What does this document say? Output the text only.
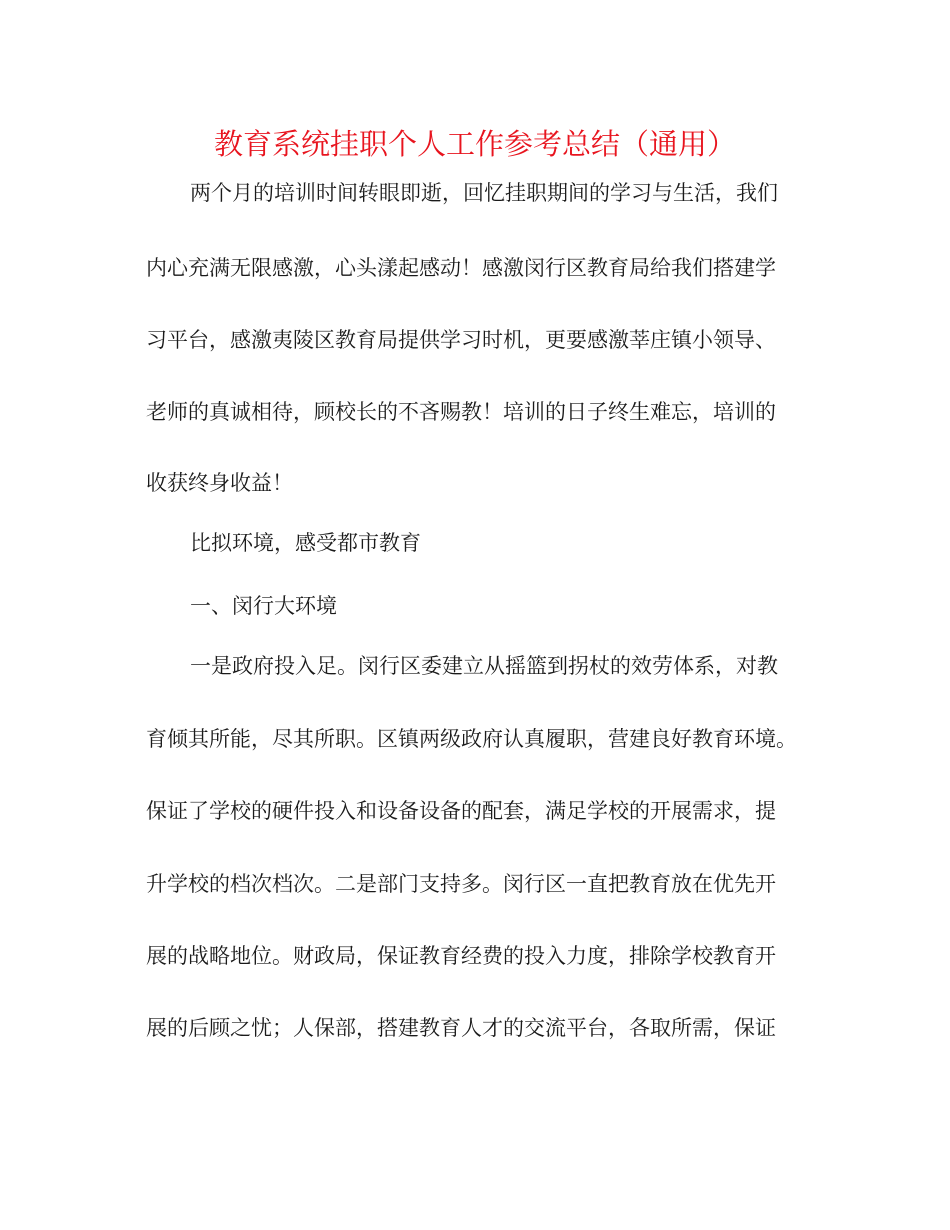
教育系统挂职个人工作参考总结（通用）
两个月的培训时间转眼即逝，回忆挂职期间的学习与生活，我们
内心充满无限感激，心头漾起感动！感激闵行区教育局给我们搭建学
习平台，感激夷陵区教育局提供学习时机，更要感激莘庄镇小领导、
老师的真诚相待，顾校长的不吝赐教！培训的日子终生难忘，培训的
收获终身收益！
比拟环境，感受都市教育
一、闵行大环境
一是政府投入足。闵行区委建立从摇篮到拐杖的效劳体系，对教
育倾其所能，尽其所职。区镇两级政府认真履职，营建良好教育环境。
保证了学校的硬件投入和设备设备的配套，满足学校的开展需求，提
升学校的档次档次。二是部门支持多。闵行区一直把教育放在优先开
展的战略地位。财政局，保证教育经费的投入力度，排除学校教育开
展的后顾之忧；人保部，搭建教育人才的交流平台，各取所需，保证
